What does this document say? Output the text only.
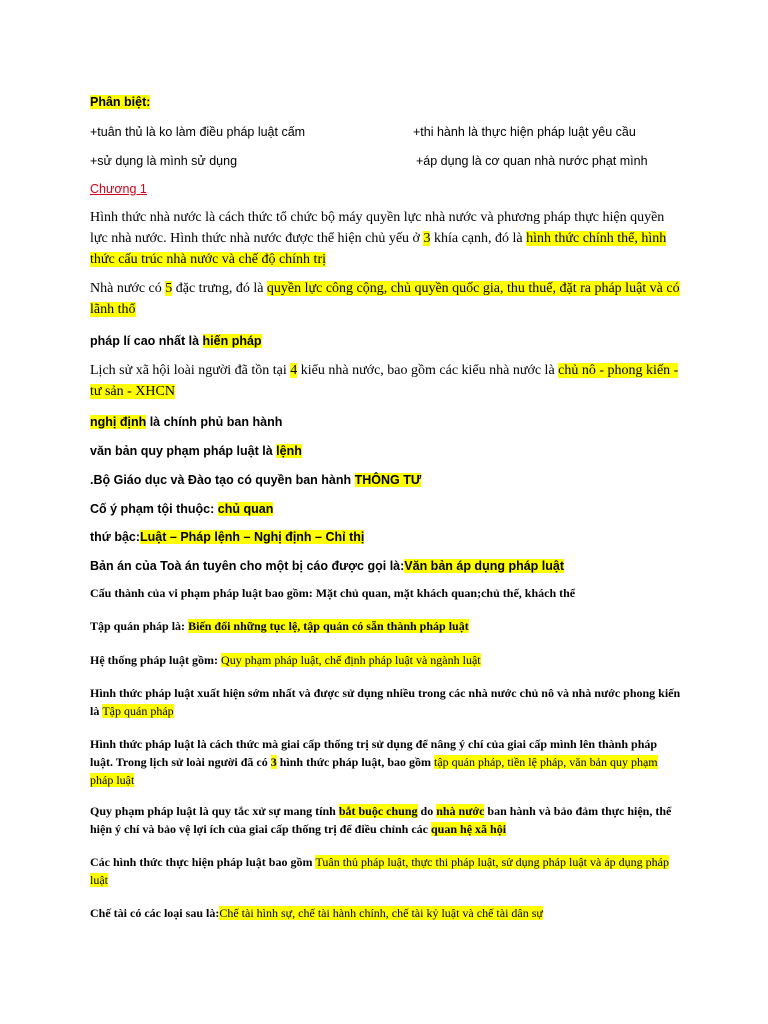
Phân biệt:
+tuân thủ là ko làm điều pháp luật cấm	+thi hành là thực hiện pháp luật yêu cầu
+sử dụng là mình sử dụng	+áp dụng là cơ quan nhà nước phạt mình
Chương 1
Hình thức nhà nước là cách thức tổ chức bộ máy quyền lực nhà nước và phương pháp thực hiện quyền lực nhà nước. Hình thức nhà nước được thể hiện chủ yếu ở 3 khía cạnh, đó là hình thức chính thể, hình thức cấu trúc nhà nước và chế độ chính trị
Nhà nước có 5 đặc trưng, đó là quyền lực công cộng, chủ quyền quốc gia, thu thuế, đặt ra pháp luật và có lãnh thổ
pháp lí cao nhất là hiến pháp
Lịch sử xã hội loài người đã tồn tại 4 kiểu nhà nước, bao gồm các kiểu nhà nước là chủ nô - phong kiến - tư sản - XHCN
nghị định là chính phủ ban hành
văn bản quy phạm pháp luật là lệnh
.Bộ Giáo dục và Đào tạo có quyền ban hành THÔNG TƯ
Cố ý phạm tội thuộc: chủ quan
thứ bậc:Luật – Pháp lệnh – Nghị định – Chỉ thị
Bản án của Toà án tuyên cho một bị cáo được gọi là:Văn bản áp dụng pháp luật
Cấu thành của vi phạm pháp luật bao gồm: Mặt chủ quan, mặt khách quan;chủ thể, khách thể
Tập quán pháp là: Biến đổi những tục lệ, tập quán có sẵn thành pháp luật
Hệ thống pháp luật gồm: Quy phạm pháp luật, chế định pháp luật và ngành luật
Hình thức pháp luật xuất hiện sớm nhất và được sử dụng nhiều trong các nhà nước chủ nô và nhà nước phong kiến là Tập quán pháp
Hình thức pháp luật là cách thức mà giai cấp thống trị sử dụng để nâng ý chí của giai cấp mình lên thành pháp luật. Trong lịch sử loài người đã có 3 hình thức pháp luật, bao gồm tập quán pháp, tiền lệ pháp, văn bản quy phạm pháp luật
Quy phạm pháp luật là quy tắc xử sự mang tính bắt buộc chung do nhà nước ban hành và bảo đảm thực hiện, thể hiện ý chí và bảo vệ lợi ích của giai cấp thống trị để điều chỉnh các quan hệ xã hội
Các hình thức thực hiện pháp luật bao gồm Tuân thủ pháp luật, thực thi pháp luật, sử dụng pháp luật và áp dụng pháp luật
Chế tài có các loại sau là:Chế tài hình sự, chế tài hành chính, chế tài kỷ luật và chế tài dân sự
